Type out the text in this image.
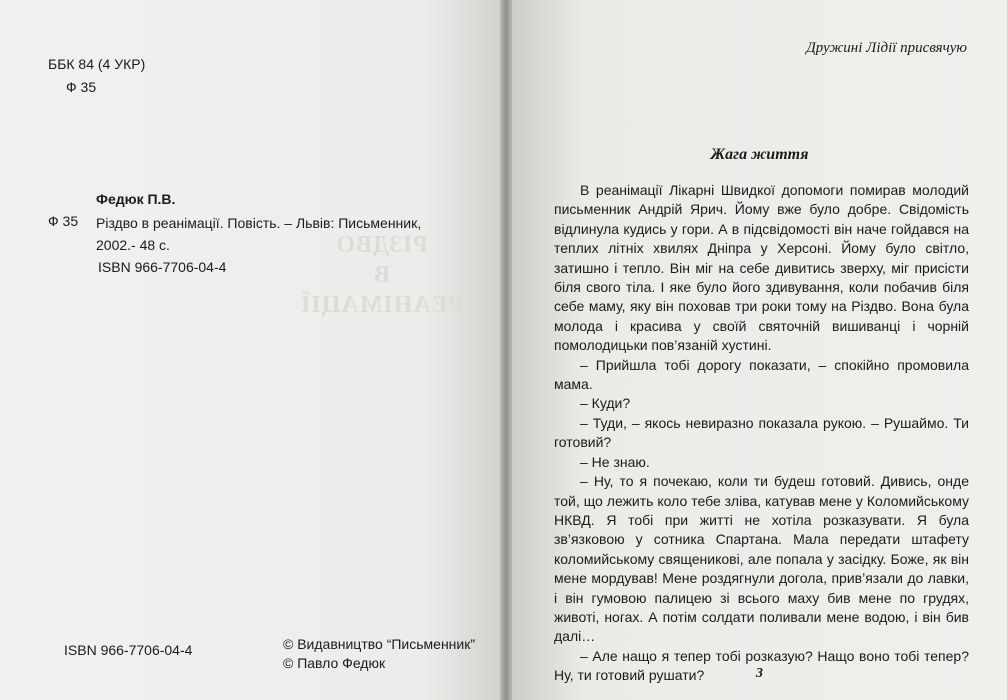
РІЗДВО
В
РЕАНІМАЦІЇ
ББК 84 (4 УКР)
Ф 35
Федюк П.В.
Ф 35 Різдво в реанімації. Повість. – Львів: Письменник,
2002.- 48 с.
ISBN 966-7706-04-4
ISBN 966-7706-04-4	© Видавництво “Письменник”
© Павло Федюк
Дружині Лідії присвячую
Жага життя

В реанімації Лікарні Швидкої допомоги помирав молодий письменник Андрій Ярич. Йому вже було добре. Свідомість відлинула кудись у гори. А в підсвідомості він наче гойдався на теплих літніх хвилях Дніпра у Херсоні. Йому було світло, затишно і тепло. Він міг на себе дивитись зверху, міг присісти біля свого тіла. І яке було його здивування, коли побачив біля себе маму, яку він поховав три роки тому на Різдво. Вона була молода і красива у своїй святочній вишиванці і чорній помолодицьки пов’язаній хустині.

– Прийшла тобі дорогу показати, – спокійно промовила мама.

– Куди?

– Туди, – якось невиразно показала рукою. – Рушаймо. Ти готовий?

– Не знаю.

– Ну, то я почекаю, коли ти будеш готовий. Дивись, онде той, що лежить коло тебе зліва, катував мене у Коломийському НКВД. Я тобі при житті не хотіла розказувати. Я була зв’язковою у сотника Спартана. Мала передати штафету коломийському священикові, але попала у засідку. Боже, як він мене мордував! Мене роздягнули догола, прив’язали до лавки, і він гумовою палицею зі всього маху бив мене по грудях, животі, ногах. А потім солдати поливали мене водою, і він бив далі…

– Але нащо я тепер тобі розказую? Нащо воно тобі тепер? Ну, ти готовий рушати?	3
